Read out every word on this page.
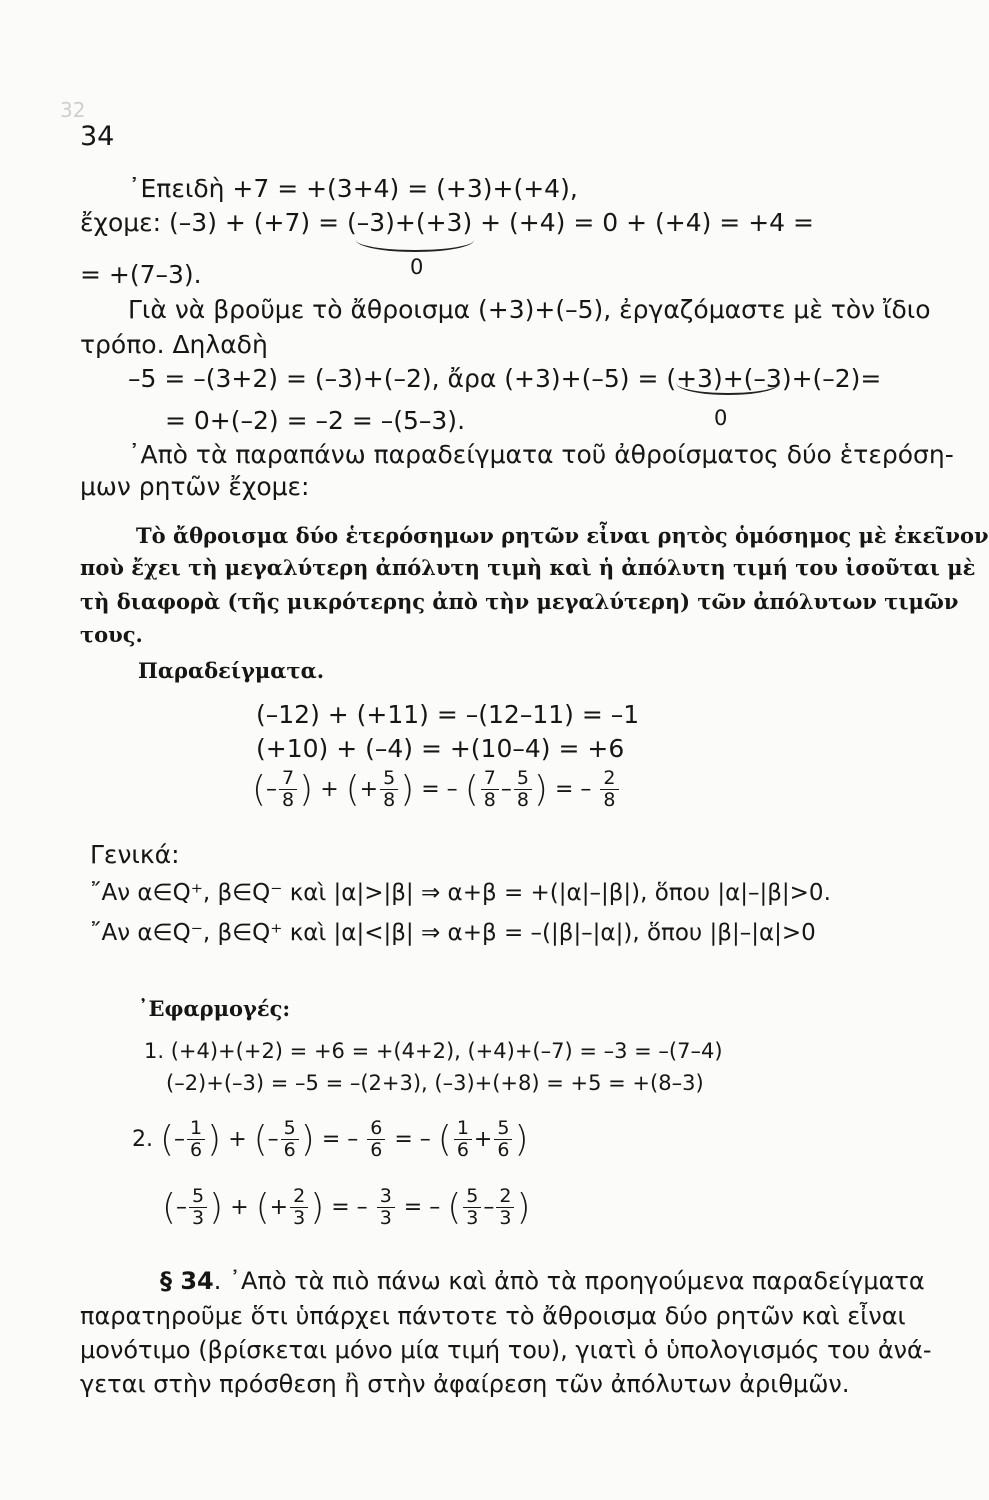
32
34
᾿Επειδὴ +7 = +(3+4) = (+3)+(+4),
ἔχομε: (–3) + (+7) = (–3)+(+3) + (+4) = 0 + (+4) = +4 =
= +(7–3).	0
Γιὰ νὰ βροῦμε τὸ ἄθροισμα (+3)+(–5), ἐργαζόμαστε μὲ τὸν ἴδιο
τρόπο. Δηλαδὴ
–5 = –(3+2) = (–3)+(–2), ἄρα (+3)+(–5) = (+3)+(–3)+(–2)=
= 0+(–2) = –2 = –(5–3).	0
᾿Απὸ τὰ παραπάνω παραδείγματα τοῦ ἀθροίσματος δύο ἑτερόση-
μων ρητῶν ἔχομε:
Τὸ ἄθροισμα δύο ἑτερόσημων ρητῶν εἶναι ρητὸς ὁμόσημος μὲ ἐκεῖνον
ποὺ ἔχει τὴ μεγαλύτερη ἀπόλυτη τιμὴ καὶ ἡ ἀπόλυτη τιμή του ἰσοῦται μὲ
τὴ διαφορὰ (τῆς μικρότερης ἀπὸ τὴν μεγαλύτερη) τῶν ἀπόλυτων τιμῶν
τους.
Παραδείγματα.
(–12) + (+11) = –(12–11) = –1
(+10) + (–4) = +(10–4) = +6
(– $\frac{7}{8}$ ) + (+ $\frac{5}{8}$ ) = – ( $\frac{7}{8} - \frac{5}{8}$ ) = – $\frac{2}{8}$
Γενικά:
῎Αν α∈Q⁺, β∈Q⁻ καὶ |α|>|β| ⇒ α+β = +(|α|–|β|), ὅπου |α|–|β|>0.
῎Αν α∈Q⁻, β∈Q⁺ καὶ |α|<|β| ⇒ α+β = –(|β|–|α|), ὅπου |β|–|α|>0
᾿Εφαρμογές:
1. (+4)+(+2) = +6 = +(4+2), (+4)+(–7) = –3 = –(7–4)
(–2)+(–3) = –5 = –(2+3), (–3)+(+8) = +5 = +(8–3)
2. (– $\frac{1}{6}$ ) + (– $\frac{5}{6}$ ) = – $\frac{6}{6}$ = – ( $\frac{1}{6} + \frac{5}{6}$ )
(– $\frac{5}{3}$ ) + (+ $\frac{2}{3}$ ) = – $\frac{3}{3}$ = – ( $\frac{5}{3} - \frac{2}{3}$ )
§ 34. ᾿Απὸ τὰ πιὸ πάνω καὶ ἀπὸ τὰ προηγούμενα παραδείγματα
παρατηροῦμε ὅτι ὑπάρχει πάντοτε τὸ ἄθροισμα δύο ρητῶν καὶ εἶναι
μονότιμο (βρίσκεται μόνο μία τιμή του), γιατὶ ὁ ὑπολογισμός του ἀνά-
γεται στὴν πρόσθεση ἢ στὴν ἀφαίρεση τῶν ἀπόλυτων ἀριθμῶν.
